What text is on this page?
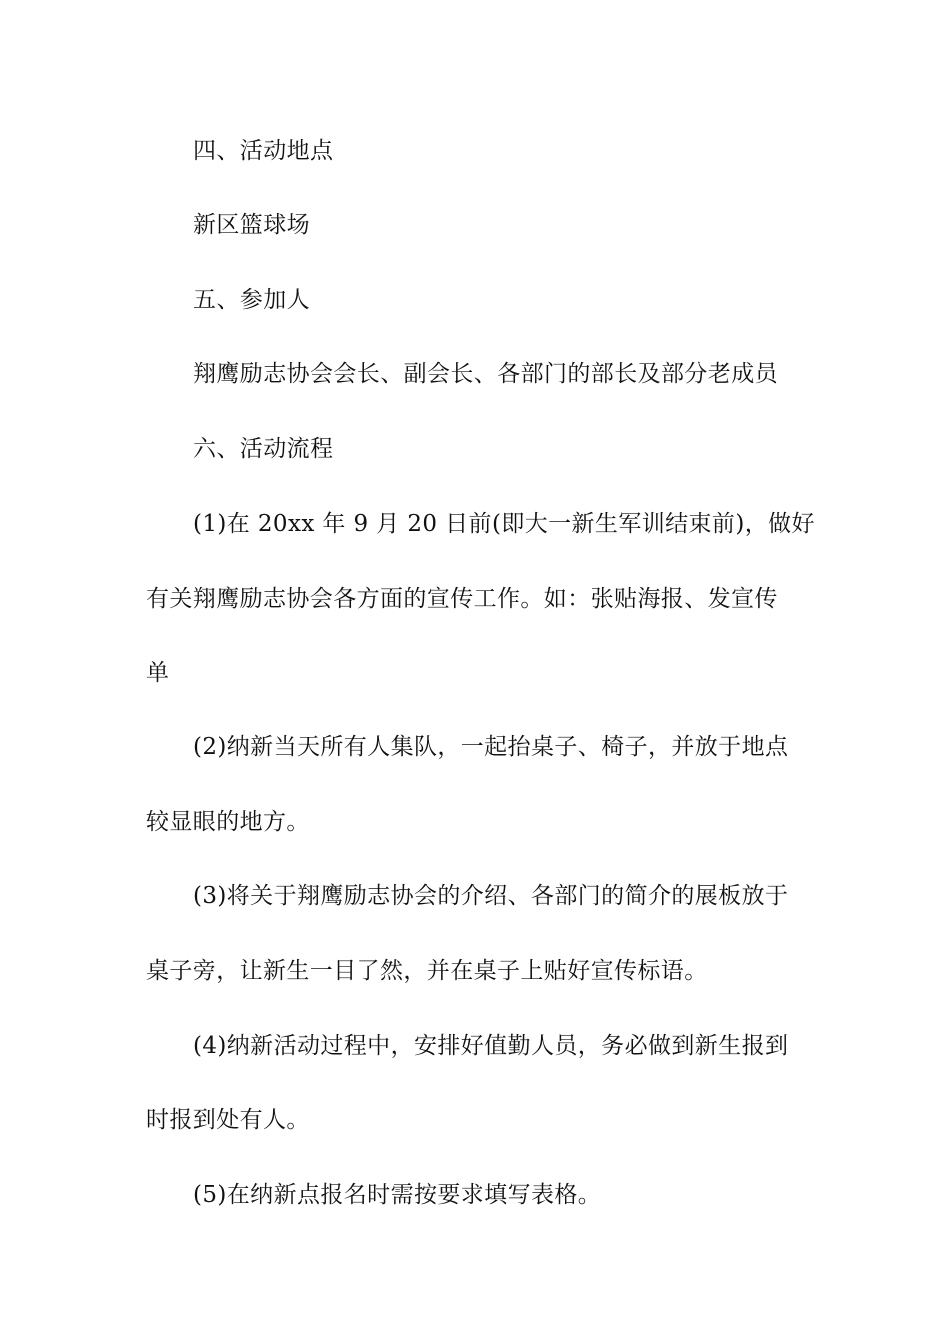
四、活动地点
新区篮球场
五、参加人
翔鹰励志协会会长、副会长、各部门的部长及部分老成员
六、活动流程
(1)在 20xx 年 9 月 20 日前(即大一新生军训结束前)，做好
有关翔鹰励志协会各方面的宣传工作。如：张贴海报、发宣传
单
(2)纳新当天所有人集队，一起抬桌子、椅子，并放于地点
较显眼的地方。
(3)将关于翔鹰励志协会的介绍、各部门的简介的展板放于
桌子旁，让新生一目了然，并在桌子上贴好宣传标语。
(4)纳新活动过程中，安排好值勤人员，务必做到新生报到
时报到处有人。
(5)在纳新点报名时需按要求填写表格。
